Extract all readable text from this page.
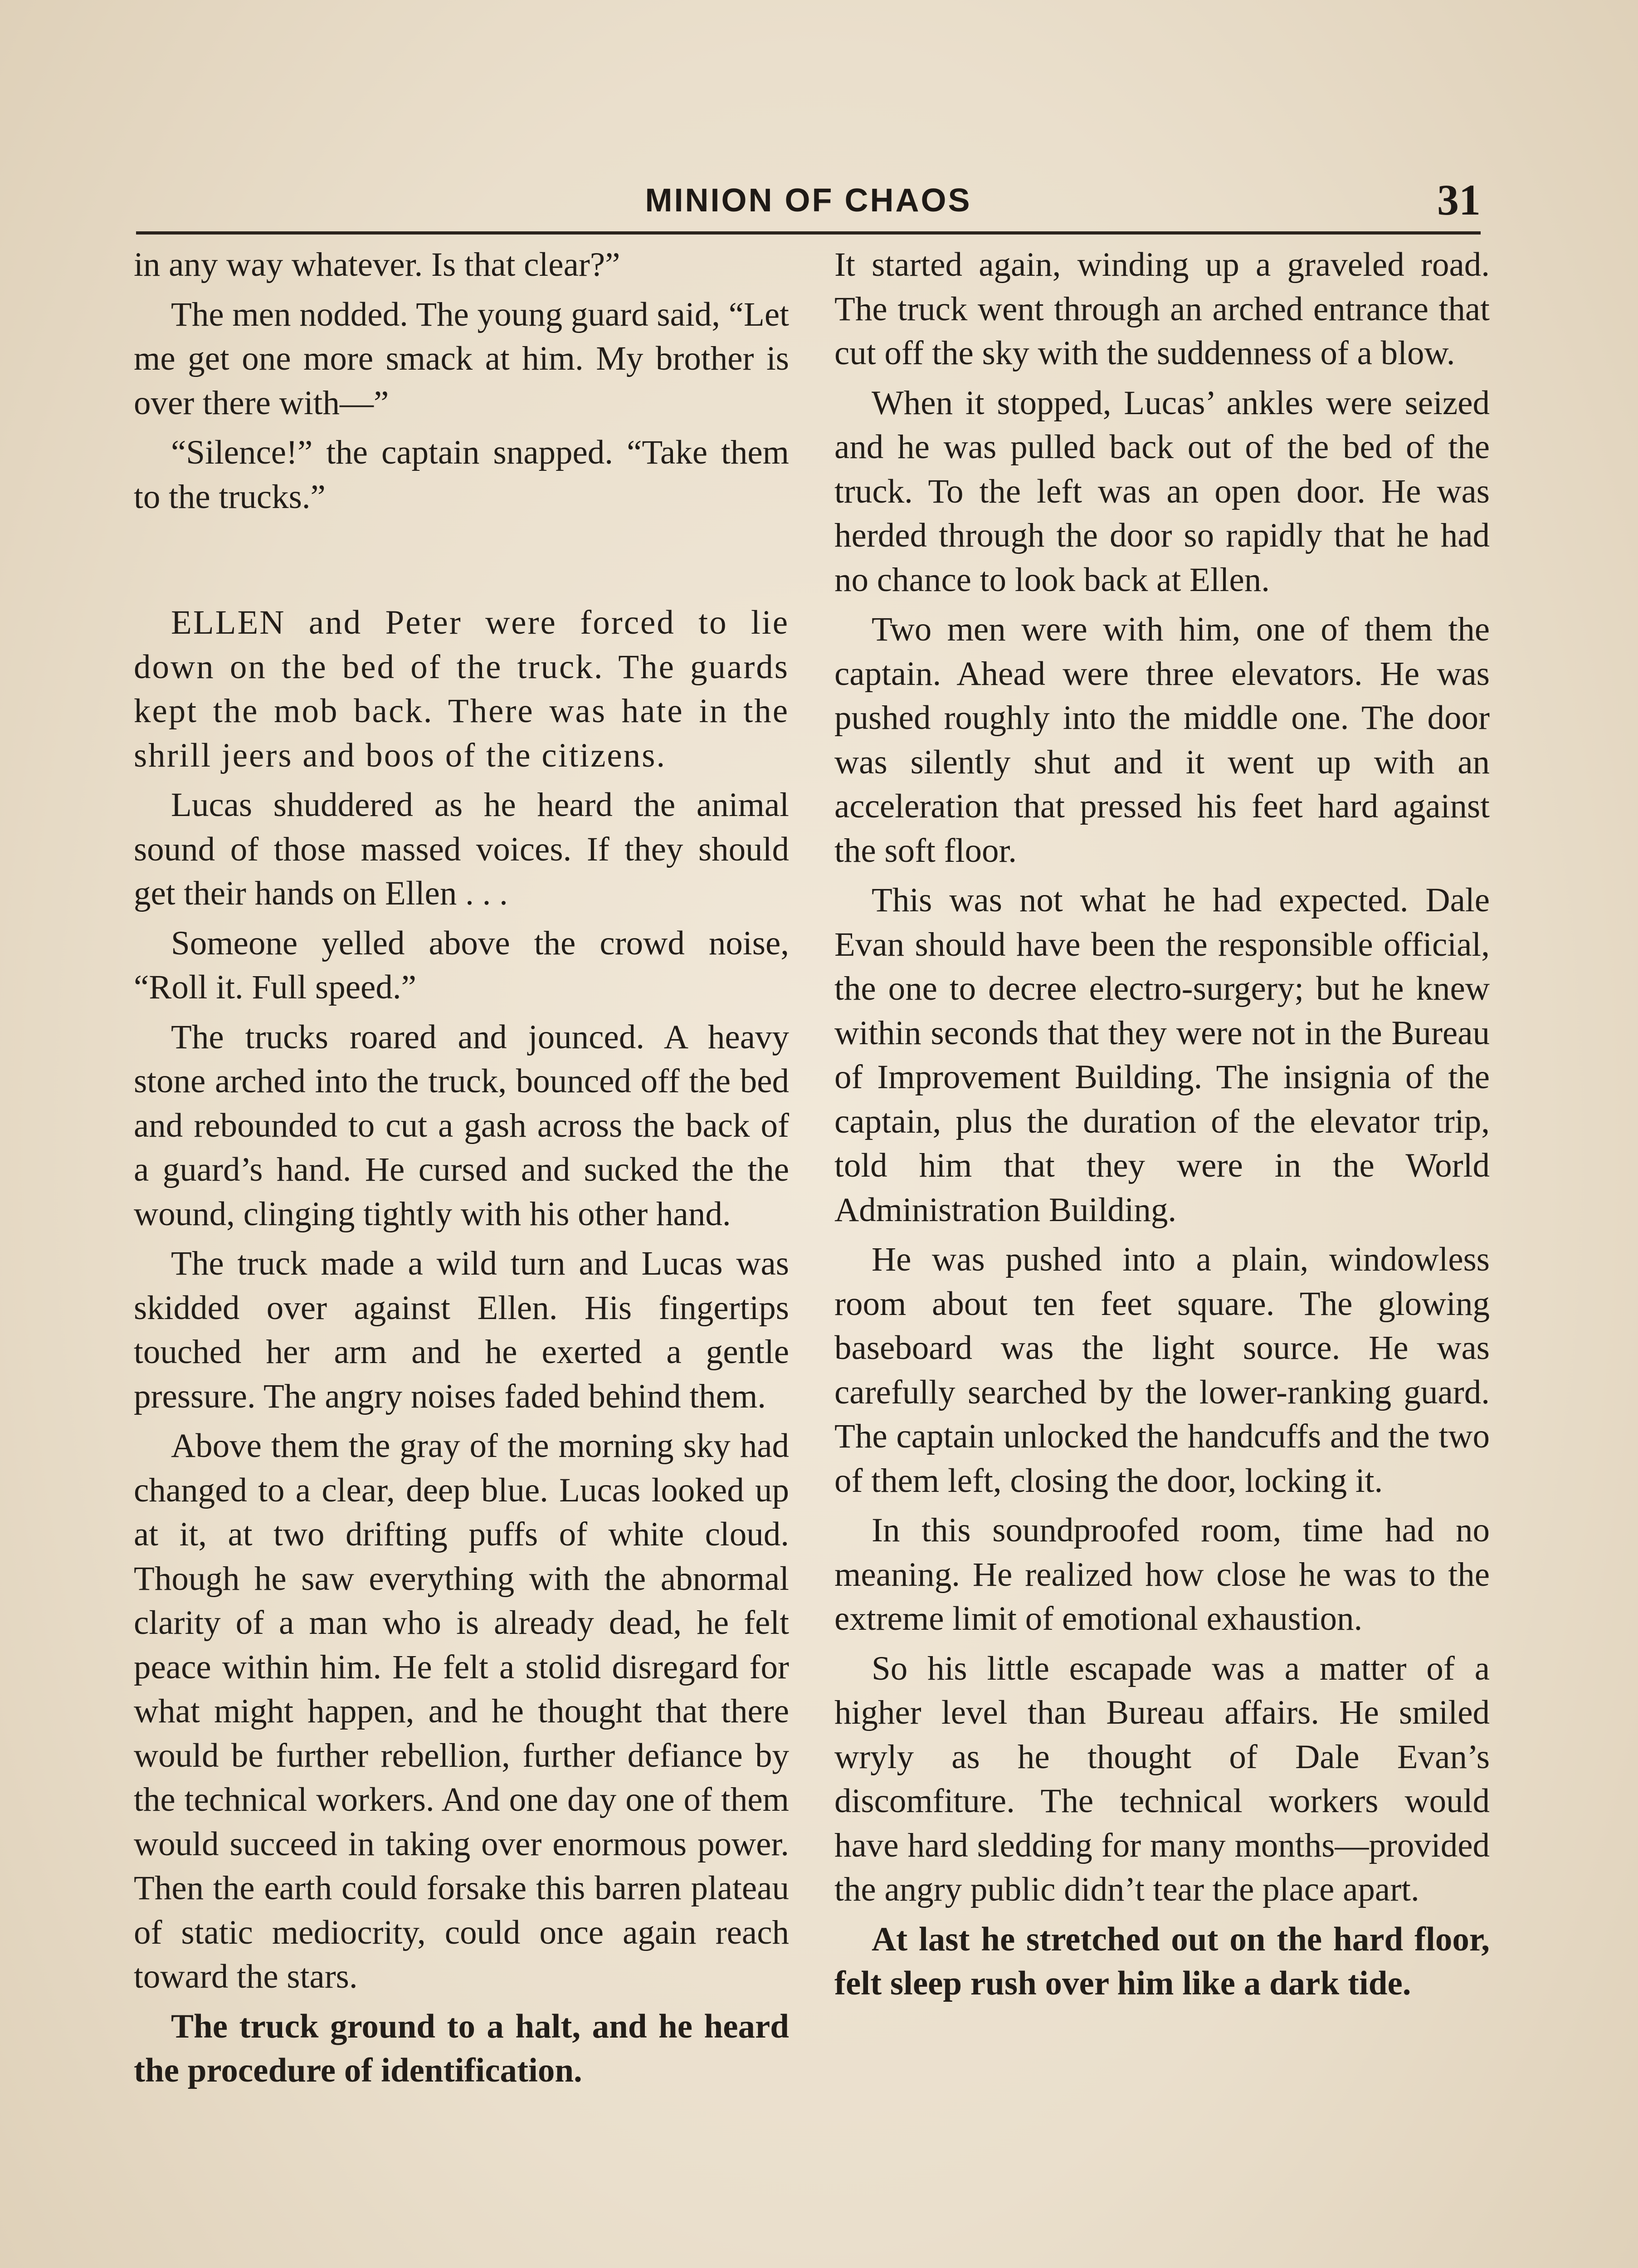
MINION OF CHAOS	31

in any way whatever. Is that clear?”

The men nodded. The young guard said, “Let me get one more smack at him. My brother is over there with—”

“Silence!” the captain snapped. “Take them to the trucks.”

ELLEN and Peter were forced to lie down on the bed of the truck. The guards kept the mob back. There was hate in the shrill jeers and boos of the citizens.

Lucas shuddered as he heard the animal sound of those massed voices. If they should get their hands on Ellen . . .

Someone yelled above the crowd noise, “Roll it. Full speed.”

The trucks roared and jounced. A heavy stone arched into the truck, bounced off the bed and rebounded to cut a gash across the back of a guard’s hand. He cursed and sucked the the wound, clinging tightly with his other hand.

The truck made a wild turn and Lucas was skidded over against Ellen. His fingertips touched her arm and he exerted a gentle pressure. The angry noises faded behind them.

Above them the gray of the morning sky had changed to a clear, deep blue. Lucas looked up at it, at two drifting puffs of white cloud. Though he saw everything with the abnormal clarity of a man who is already dead, he felt peace within him. He felt a stolid disregard for what might happen, and he thought that there would be further rebellion, further defiance by the technical workers. And one day one of them would succeed in taking over enormous power. Then the earth could forsake this barren plateau of static mediocrity, could once again reach toward the stars.

The truck ground to a halt, and he heard the procedure of identification.

It started again, winding up a graveled road. The truck went through an arched entrance that cut off the sky with the suddenness of a blow.

When it stopped, Lucas’ ankles were seized and he was pulled back out of the bed of the truck. To the left was an open door. He was herded through the door so rapidly that he had no chance to look back at Ellen.

Two men were with him, one of them the captain. Ahead were three elevators. He was pushed roughly into the middle one. The door was silently shut and it went up with an acceleration that pressed his feet hard against the soft floor.

This was not what he had expected. Dale Evan should have been the responsible official, the one to decree electro-surgery; but he knew within seconds that they were not in the Bureau of Improvement Building. The insignia of the captain, plus the duration of the elevator trip, told him that they were in the World Administration Building.

He was pushed into a plain, windowless room about ten feet square. The glowing baseboard was the light source. He was carefully searched by the lower-ranking guard. The captain unlocked the handcuffs and the two of them left, closing the door, locking it.

In this soundproofed room, time had no meaning. He realized how close he was to the extreme limit of emotional exhaustion.

So his little escapade was a matter of a higher level than Bureau affairs. He smiled wryly as he thought of Dale Evan’s discomfiture. The technical workers would have hard sledding for many months—provided the angry public didn’t tear the place apart.

At last he stretched out on the hard floor, felt sleep rush over him like a dark tide.
